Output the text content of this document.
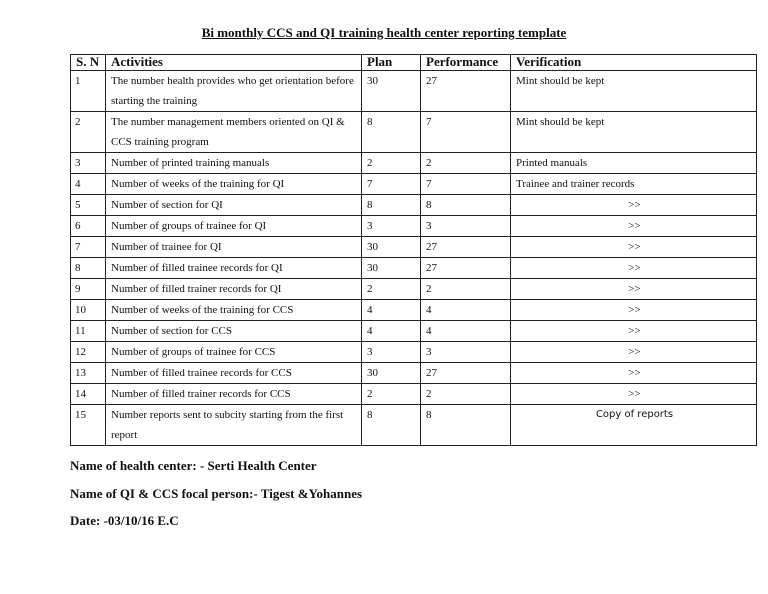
Bi monthly CCS and QI training health center reporting template
S. N	Activities	Plan	Performance	Verification
1	The number health provides who get orientation before starting the training	30	27	Mint should be kept
2	The number management members oriented on QI & CCS training program	8	7	Mint should be kept
3	Number of printed training manuals	2	2	Printed manuals
4	Number of weeks of the training for QI	7	7	Trainee and trainer records
5	Number of section for QI	8	8	>>
6	Number of groups of trainee for QI	3	3	>>
7	Number of trainee for QI	30	27	>>
8	Number of filled trainee records for QI	30	27	>>
9	Number of filled trainer records for QI	2	2	>>
10	Number of weeks of the training for CCS	4	4	>>
11	Number of section for CCS	4	4	>>
12	Number of groups of trainee for CCS	3	3	>>
13	Number of filled trainee records for CCS	30	27	>>
14	Number of filled trainer records for CCS	2	2	>>
15	Number reports sent to subcity starting from the first report	8	8	Copy of reports
Name of health center: - Serti Health Center
Name of QI & CCS focal person:- Tigest &Yohannes
Date: -03/10/16 E.C
